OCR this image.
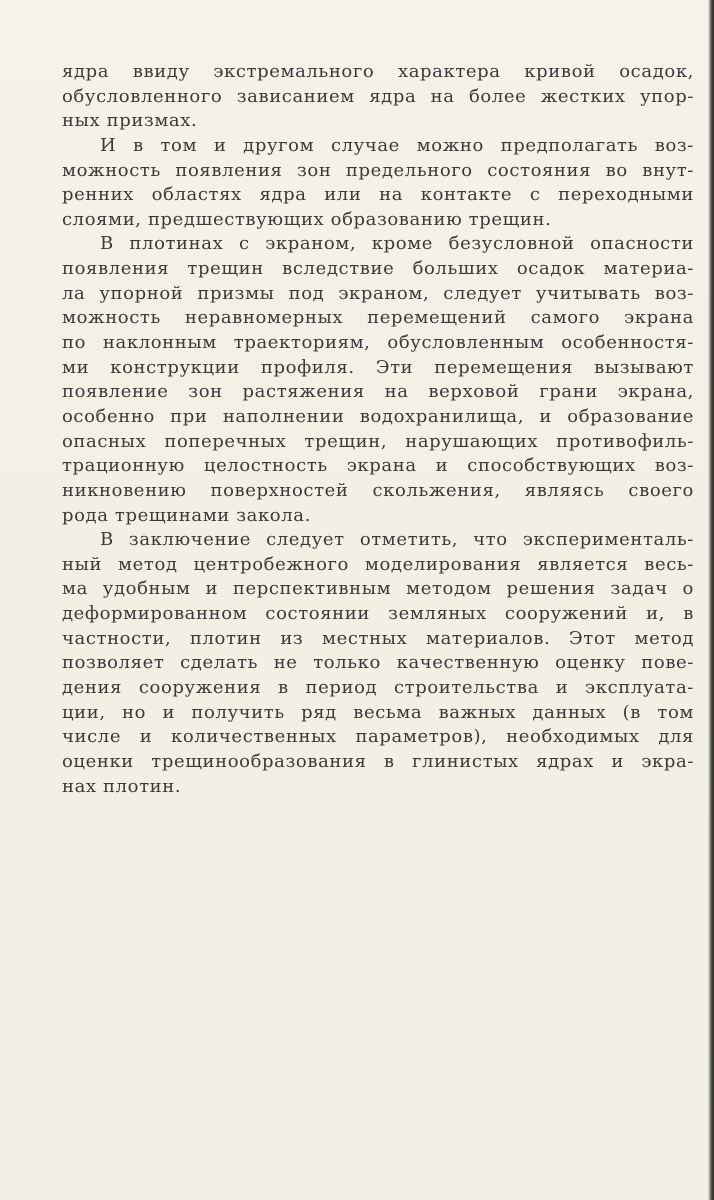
ядра ввиду экстремального характера кривой осадок,
обусловленного зависанием ядра на более жестких упор-
ных призмах.
И в том и другом случае можно предполагать воз-
можность появления зон предельного состояния во внут-
ренних областях ядра или на контакте с переходными
слоями, предшествующих образованию трещин.
В плотинах с экраном, кроме безусловной опасности
появления трещин вследствие больших осадок материа-
ла упорной призмы под экраном, следует учитывать воз-
можность неравномерных перемещений самого экрана
по наклонным траекториям, обусловленным особенностя-
ми конструкции профиля. Эти перемещения вызывают
появление зон растяжения на верховой грани экрана,
особенно при наполнении водохранилища, и образование
опасных поперечных трещин, нарушающих противофиль-
трационную целостность экрана и способствующих воз-
никновению поверхностей скольжения, являясь своего
рода трещинами закола.
В заключение следует отметить, что эксперименталь-
ный метод центробежного моделирования является весь-
ма удобным и перспективным методом решения задач о
деформированном состоянии земляных сооружений и, в
частности, плотин из местных материалов. Этот метод
позволяет сделать не только качественную оценку пове-
дения сооружения в период строительства и эксплуата-
ции, но и получить ряд весьма важных данных (в том
числе и количественных параметров), необходимых для
оценки трещинообразования в глинистых ядрах и экра-
нах плотин.
